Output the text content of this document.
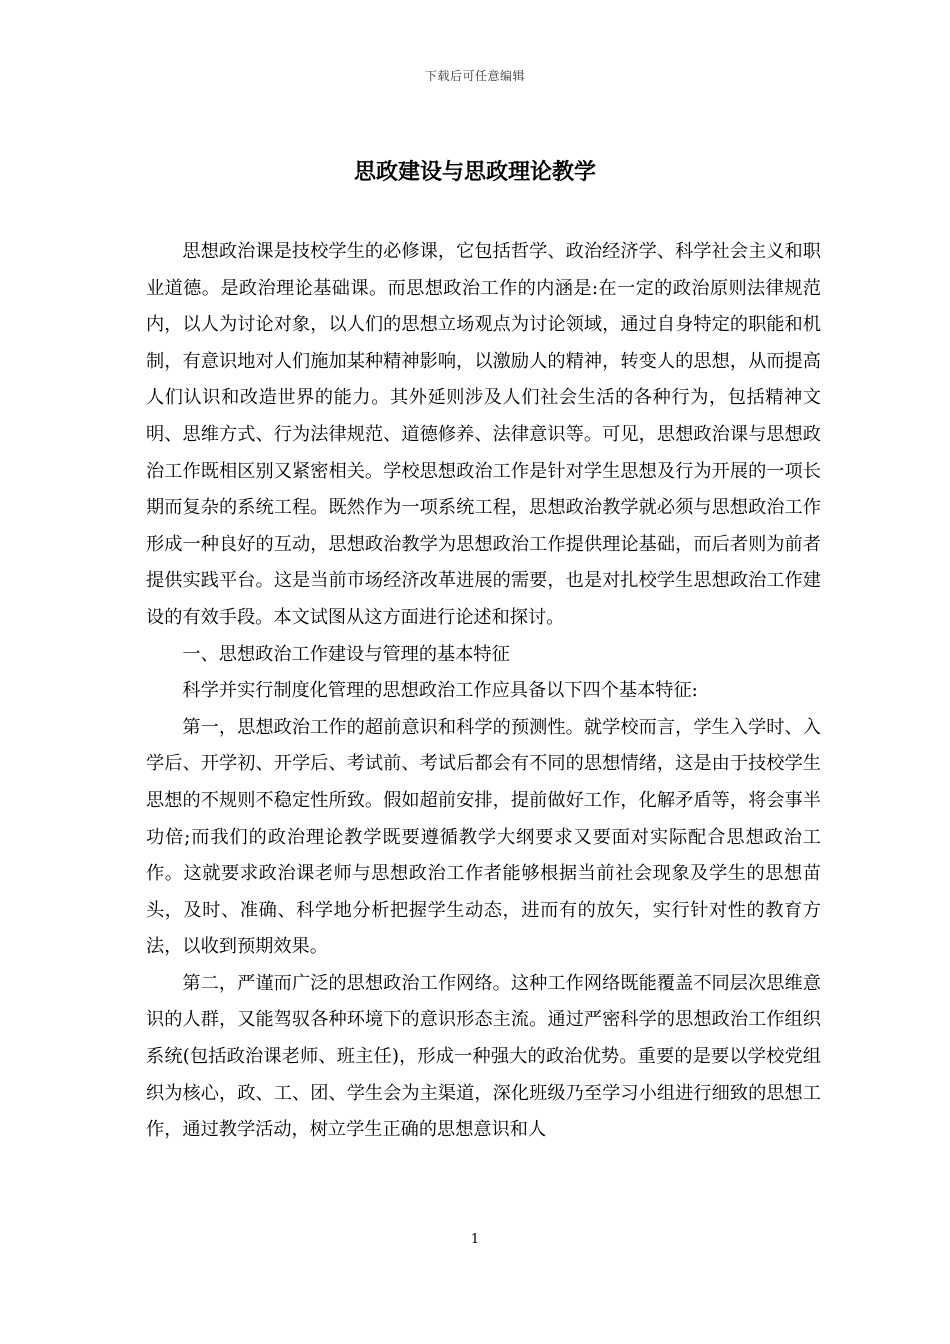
下载后可任意编辑
思政建设与思政理论教学

思想政治课是技校学生的必修课，它包括哲学、政治经济学、科学社会主义和职业道德。是政治理论基础课。而思想政治工作的内涵是:在一定的政治原则法律规范内，以人为讨论对象，以人们的思想立场观点为讨论领域，通过自身特定的职能和机制，有意识地对人们施加某种精神影响，以激励人的精神，转变人的思想，从而提高人们认识和改造世界的能力。其外延则涉及人们社会生活的各种行为，包括精神文明、思维方式、行为法律规范、道德修养、法律意识等。可见，思想政治课与思想政治工作既相区别又紧密相关。学校思想政治工作是针对学生思想及行为开展的一项长期而复杂的系统工程。既然作为一项系统工程，思想政治教学就必须与思想政治工作形成一种良好的互动，思想政治教学为思想政治工作提供理论基础，而后者则为前者提供实践平台。这是当前市场经济改革进展的需要，也是对扎校学生思想政治工作建设的有效手段。本文试图从这方面进行论述和探讨。

一、思想政治工作建设与管理的基本特征

科学并实行制度化管理的思想政治工作应具备以下四个基本特征:

第一，思想政治工作的超前意识和科学的预测性。就学校而言，学生入学时、入学后、开学初、开学后、考试前、考试后都会有不同的思想情绪，这是由于技校学生思想的不规则不稳定性所致。假如超前安排，提前做好工作，化解矛盾等，将会事半功倍;而我们的政治理论教学既要遵循教学大纲要求又要面对实际配合思想政治工作。这就要求政治课老师与思想政治工作者能够根据当前社会现象及学生的思想苗头，及时、准确、科学地分析把握学生动态，进而有的放矢，实行针对性的教育方法，以收到预期效果。

第二，严谨而广泛的思想政治工作网络。这种工作网络既能覆盖不同层次思维意识的人群，又能驾驭各种环境下的意识形态主流。通过严密科学的思想政治工作组织系统(包括政治课老师、班主任)，形成一种强大的政治优势。重要的是要以学校党组织为核心，政、工、团、学生会为主渠道，深化班级乃至学习小组进行细致的思想工作，通过教学活动，树立学生正确的思想意识和人

1
